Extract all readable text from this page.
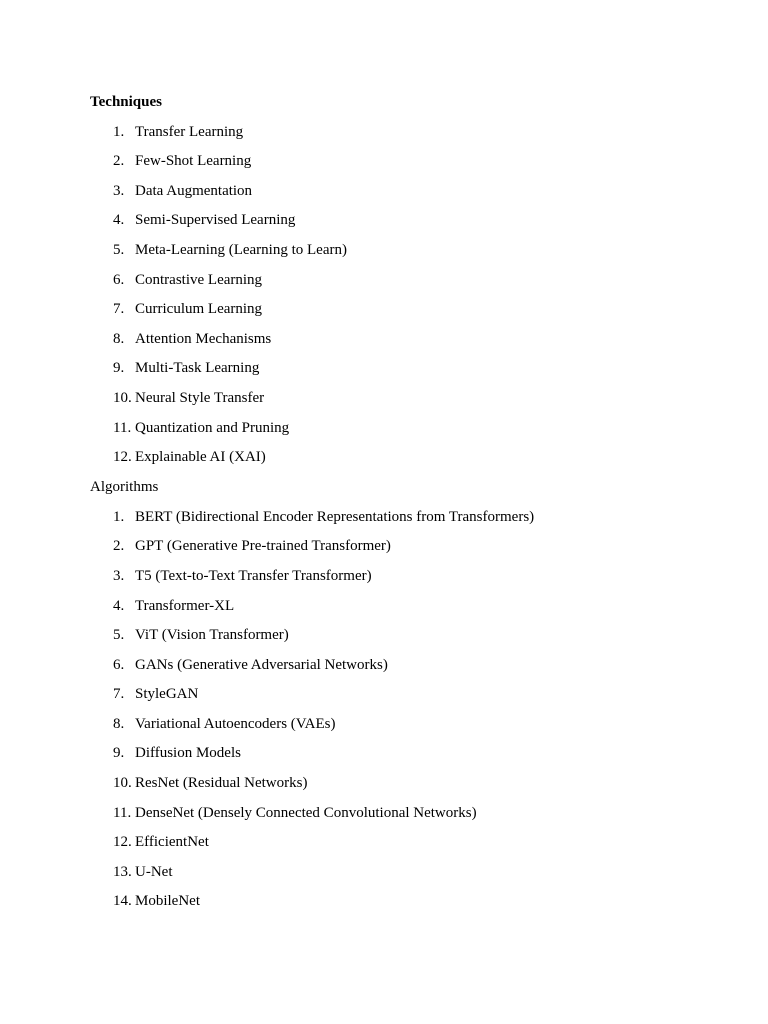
Techniques
1. Transfer Learning
2. Few-Shot Learning
3. Data Augmentation
4. Semi-Supervised Learning
5. Meta-Learning (Learning to Learn)
6. Contrastive Learning
7. Curriculum Learning
8. Attention Mechanisms
9. Multi-Task Learning
10. Neural Style Transfer
11. Quantization and Pruning
12. Explainable AI (XAI)
Algorithms
1. BERT (Bidirectional Encoder Representations from Transformers)
2. GPT (Generative Pre-trained Transformer)
3. T5 (Text-to-Text Transfer Transformer)
4. Transformer-XL
5. ViT (Vision Transformer)
6. GANs (Generative Adversarial Networks)
7. StyleGAN
8. Variational Autoencoders (VAEs)
9. Diffusion Models
10. ResNet (Residual Networks)
11. DenseNet (Densely Connected Convolutional Networks)
12. EfficientNet
13. U-Net
14. MobileNet
